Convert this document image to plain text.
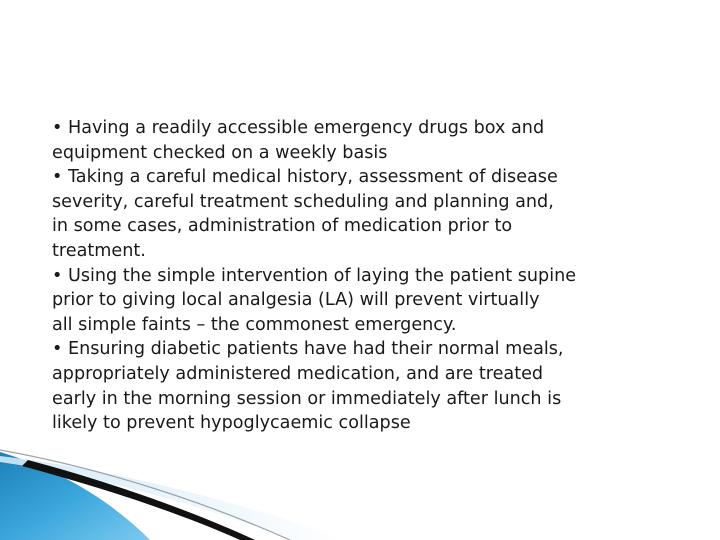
• Having a readily accessible emergency drugs box and
equipment checked on a weekly basis
• Taking a careful medical history, assessment of disease
severity, careful treatment scheduling and planning and,
in some cases, administration of medication prior to
treatment.
• Using the simple intervention of laying the patient supine
prior to giving local analgesia (LA) will prevent virtually
all simple faints – the commonest emergency.
• Ensuring diabetic patients have had their normal meals,
appropriately administered medication, and are treated
early in the morning session or immediately after lunch is
likely to prevent hypoglycaemic collapse
